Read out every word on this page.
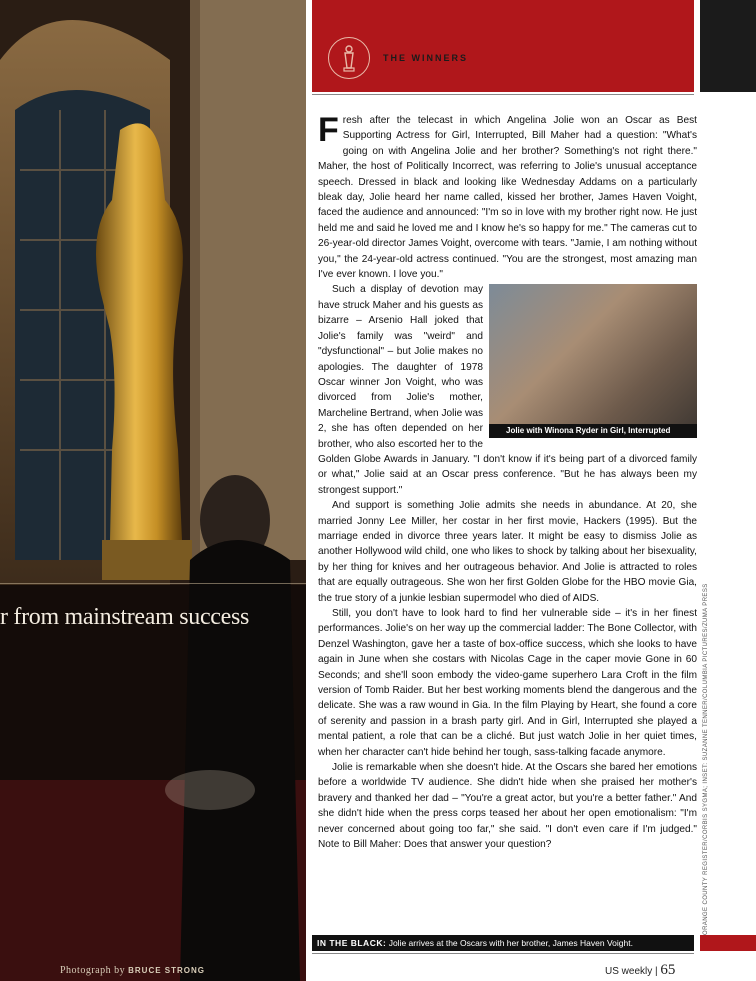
r from mainstream success
Photograph by BRUCE STRONG
THE WINNERS

Fresh after the telecast in which Angelina Jolie won an Oscar as Best Supporting Actress for Girl, Interrupted, Bill Maher had a question: "What's going on with Angelina Jolie and her brother? Something's not right there." Maher, the host of Politically Incorrect, was referring to Jolie's unusual acceptance speech. Dressed in black and looking like Wednesday Addams on a particularly bleak day, Jolie heard her name called, kissed her brother, James Haven Voight, faced the audience and announced: "I'm so in love with my brother right now. He just held me and said he loved me and I know he's so happy for me." The cameras cut to 26-year-old director James Voight, overcome with tears. "Jamie, I am nothing without you," the 24-year-old actress continued. "You are the strongest, most amazing man I've ever known. I love you."

Jolie with Winona Ryder in Girl, Interrupted
Such a display of devotion may have struck Maher and his guests as bizarre – Arsenio Hall joked that Jolie's family was "weird" and "dysfunctional" – but Jolie makes no apologies. The daughter of 1978 Oscar winner Jon Voight, who was divorced from Jolie's mother, Marcheline Bertrand, when Jolie was 2, she has often depended on her brother, who also escorted her to the Golden Globe Awards in January. "I don't know if it's being part of a divorced family or what," Jolie said at an Oscar press conference. "But he has always been my strongest support."

And support is something Jolie admits she needs in abundance. At 20, she married Jonny Lee Miller, her costar in her first movie, Hackers (1995). But the marriage ended in divorce three years later. It might be easy to dismiss Jolie as another Hollywood wild child, one who likes to shock by talking about her bisexuality, by her thing for knives and her outrageous behavior. And Jolie is attracted to roles that are equally outrageous. She won her first Golden Globe for the HBO movie Gia, the true story of a junkie lesbian supermodel who died of AIDS.

Still, you don't have to look hard to find her vulnerable side – it's in her finest performances. Jolie's on her way up the commercial ladder: The Bone Collector, with Denzel Washington, gave her a taste of box-office success, which she looks to have again in June when she costars with Nicolas Cage in the caper movie Gone in 60 Seconds; and she'll soon embody the video-game superhero Lara Croft in the film version of Tomb Raider. But her best working moments blend the dangerous and the delicate. She was a raw wound in Gia. In the film Playing by Heart, she found a core of serenity and passion in a brash party girl. And in Girl, Interrupted she played a mental patient, a role that can be a cliché. But just watch Jolie in her quiet times, when her character can't hide behind her tough, sass-talking facade anymore.

Jolie is remarkable when she doesn't hide. At the Oscars she bared her emotions before a worldwide TV audience. She didn't hide when she praised her mother's bravery and thanked her dad – "You're a great actor, but you're a better father." And she didn't hide when the press corps teased her about her open emotionalism: "I'm never concerned about going too far," she said. "I don't even care if I'm judged." Note to Bill Maher: Does that answer your question?	ORANGE COUNTY REGISTER/CORBIS SYGMA; INSET: SUZANNE TENNER/COLUMBIA PICTURES/ZUMA PRESS
IN THE BLACK: Jolie arrives at the Oscars with her brother, James Haven Voight.
US weekly | 65
